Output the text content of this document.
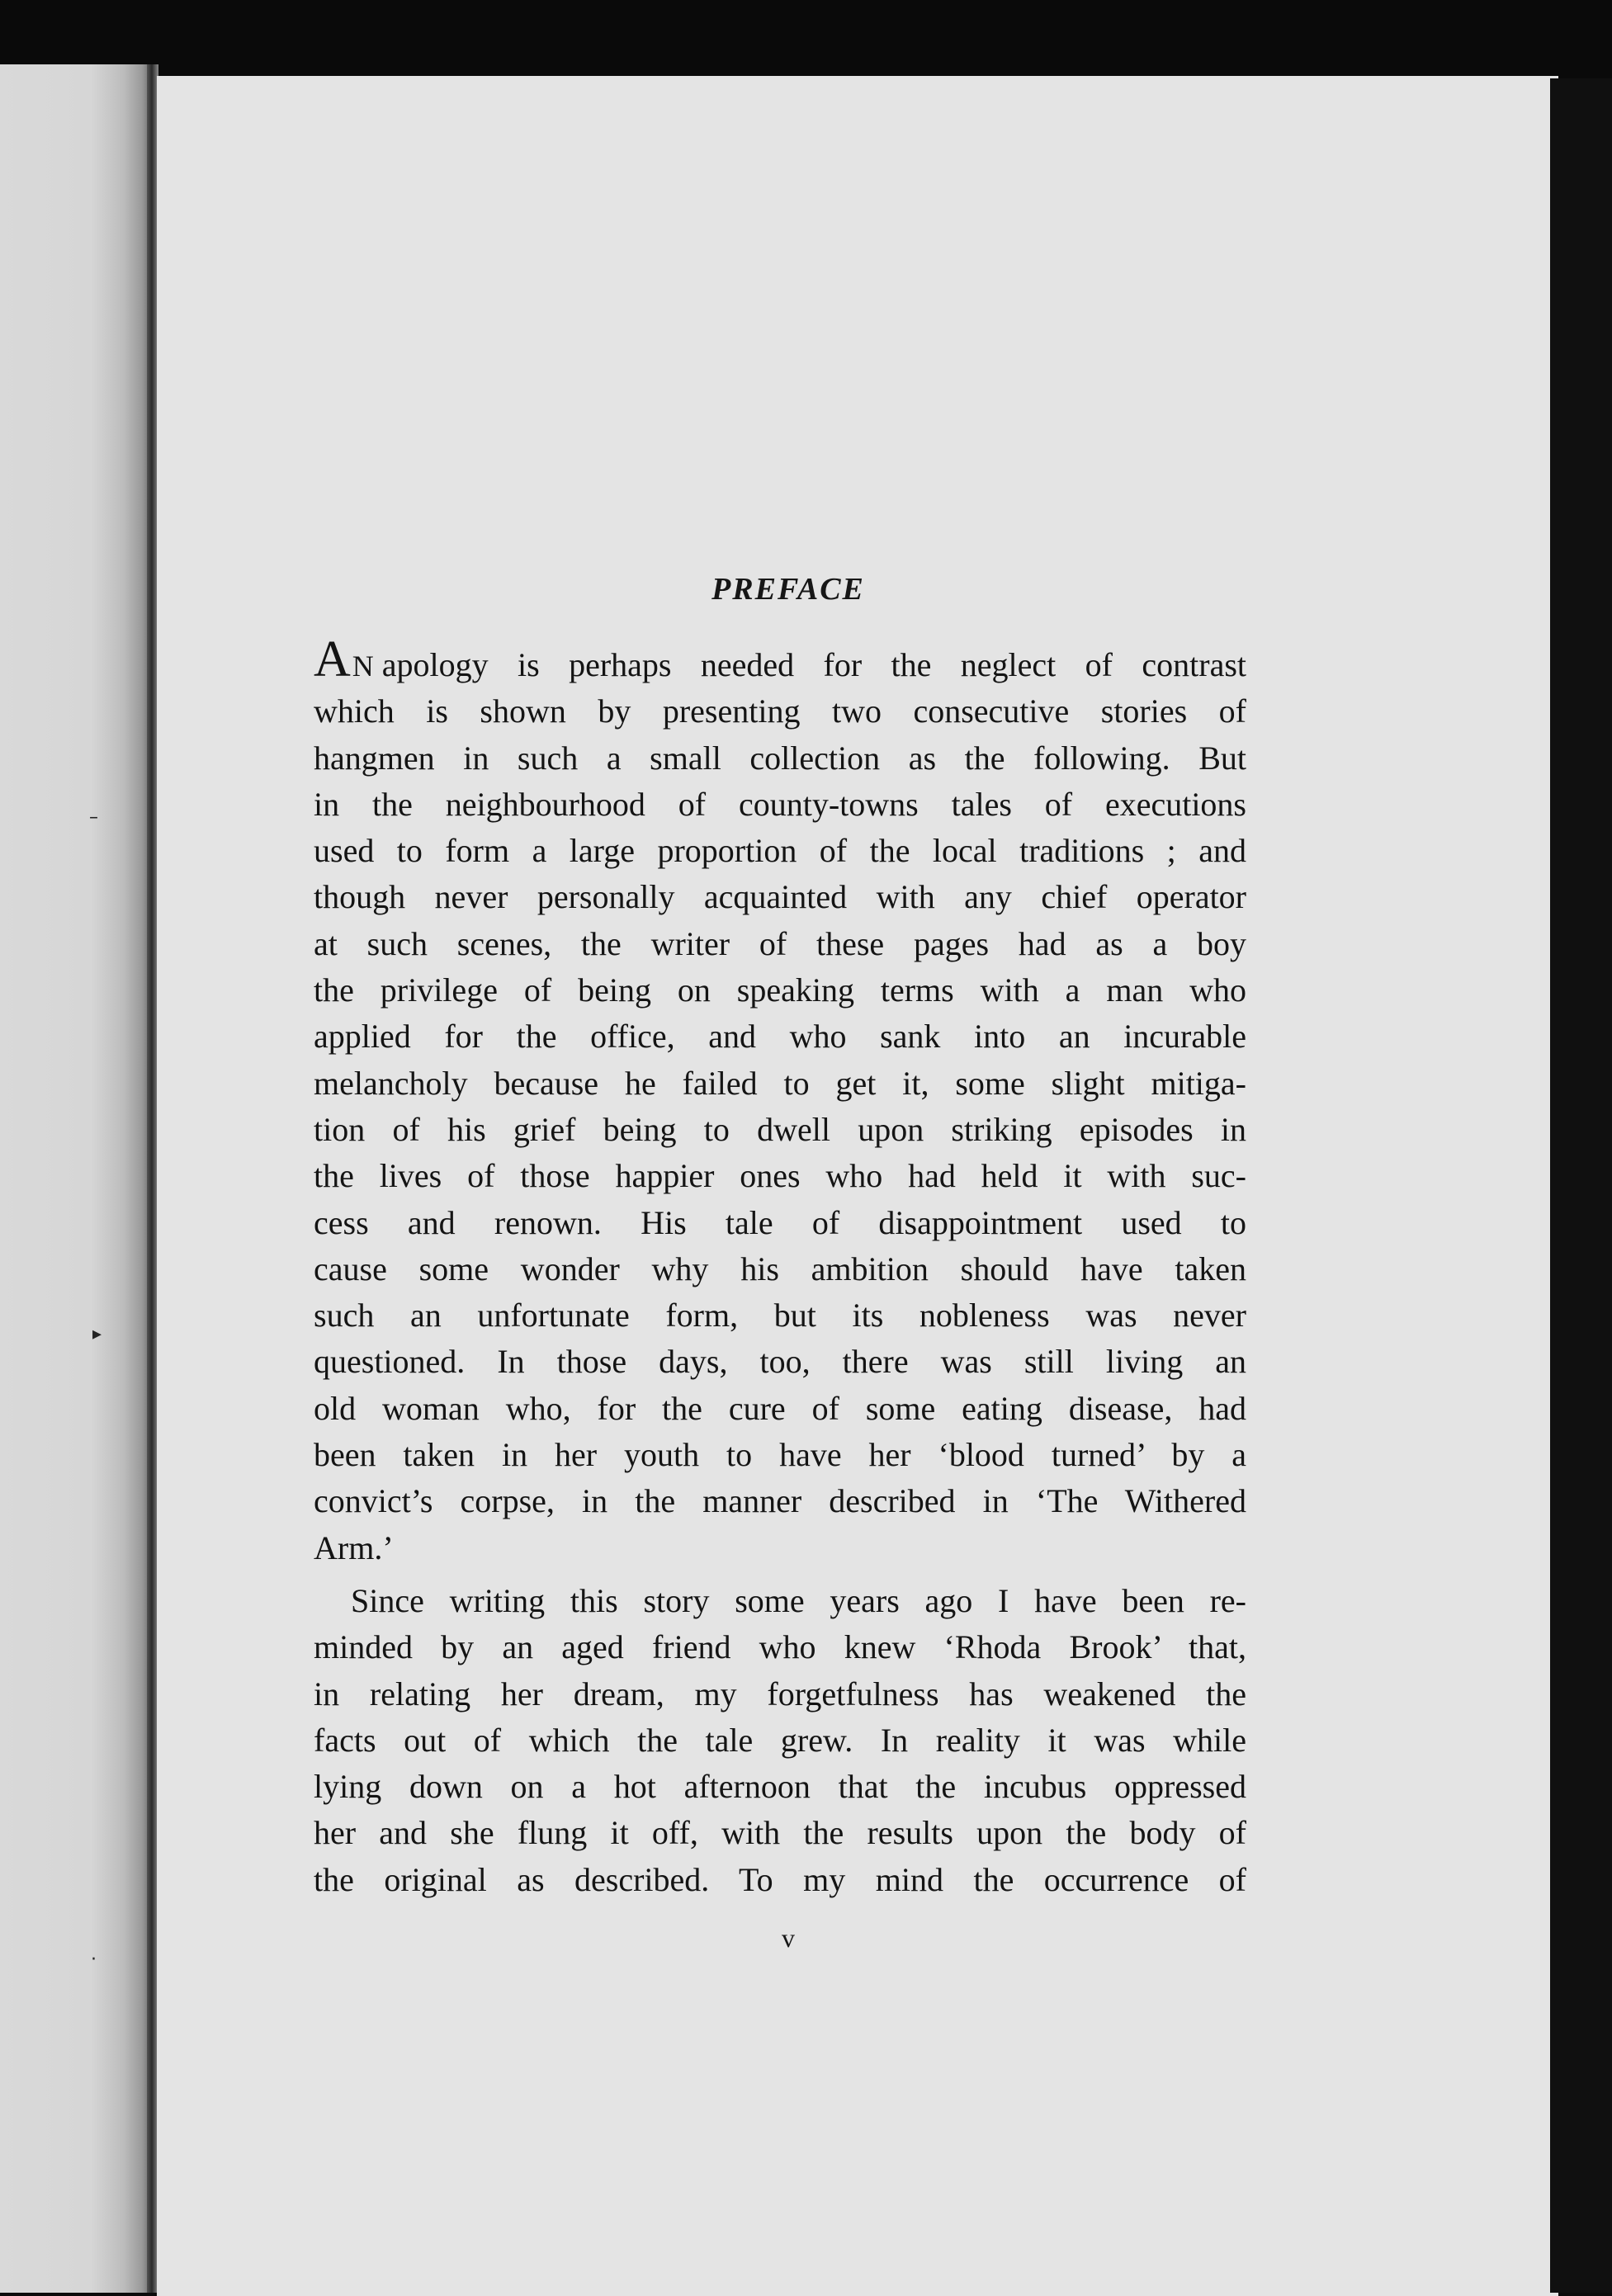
–
▸
·
PREFACE
AN apology is perhaps needed for the neglect of contrast
which is shown by presenting two consecutive stories of
hangmen in such a small collection as the following. But
in the neighbourhood of county-towns tales of executions
used to form a large proportion of the local traditions ; and
though never personally acquainted with any chief operator
at such scenes, the writer of these pages had as a boy
the privilege of being on speaking terms with a man who
applied for the office, and who sank into an incurable
melancholy because he failed to get it, some slight mitiga-
tion of his grief being to dwell upon striking episodes in
the lives of those happier ones who had held it with suc-
cess and renown. His tale of disappointment used to
cause some wonder why his ambition should have taken
such an unfortunate form, but its nobleness was never
questioned. In those days, too, there was still living an
old woman who, for the cure of some eating disease, had
been taken in her youth to have her ‘blood turned’ by a
convict’s corpse, in the manner described in ‘The Withered
Arm.’
Since writing this story some years ago I have been re-
minded by an aged friend who knew ‘Rhoda Brook’ that,
in relating her dream, my forgetfulness has weakened the
facts out of which the tale grew. In reality it was while
lying down on a hot afternoon that the incubus oppressed
her and she flung it off, with the results upon the body of
the original as described. To my mind the occurrence of
v
